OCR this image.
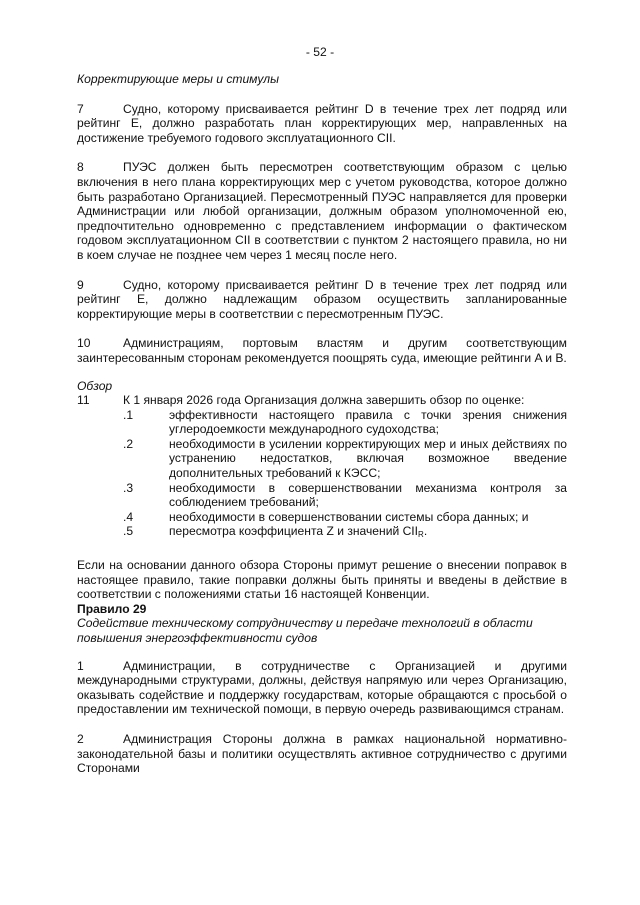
- 52 -

Корректирующие меры и стимулы

7	Судно, которому присваивается рейтинг D в течение трех лет подряд или рейтинг E, должно разработать план корректирующих мер, направленных на достижение требуемого годового эксплуатационного CII.

8	ПУЭС должен быть пересмотрен соответствующим образом с целью включения в него плана корректирующих мер с учетом руководства, которое должно быть разработано Организацией. Пересмотренный ПУЭС направляется для проверки Администрации или любой организации, должным образом уполномоченной ею, предпочтительно одновременно с представлением информации о фактическом годовом эксплуатационном CII в соответствии с пунктом 2 настоящего правила, но ни в коем случае не позднее чем через 1 месяц после него.

9	Судно, которому присваивается рейтинг D в течение трех лет подряд или рейтинг E, должно надлежащим образом осуществить запланированные корректирующие меры в соответствии с пересмотренным ПУЭС.

10	Администрациям, портовым властям и другим соответствующим заинтересованным сторонам рекомендуется поощрять суда, имеющие рейтинги A и B.

Обзор

11	К 1 января 2026 года Организация должна завершить обзор по оценке:
.1	эффективности настоящего правила с точки зрения снижения углеродоемкости международного судоходства;
.2	необходимости в усилении корректирующих мер и иных действиях по устранению недостатков, включая возможное введение дополнительных требований к КЭСС;
.3	необходимости в совершенствовании механизма контроля за соблюдением требований;
.4	необходимости в совершенствовании системы сбора данных; и
.5	пересмотра коэффициента Z и значений CIIR.

Если на основании данного обзора Стороны примут решение о внесении поправок в настоящее правило, такие поправки должны быть приняты и введены в действие в соответствии с положениями статьи 16 настоящей Конвенции.

Правило 29

Содействие техническому сотрудничеству и передаче технологий в области повышения энергоэффективности судов

1	Администрации, в сотрудничестве с Организацией и другими международными структурами, должны, действуя напрямую или через Организацию, оказывать содействие и поддержку государствам, которые обращаются с просьбой о предоставлении им технической помощи, в первую очередь развивающимся странам.

2	Администрация Стороны должна в рамках национальной нормативно-законодательной базы и политики осуществлять активное сотрудничество с другими Сторонами
